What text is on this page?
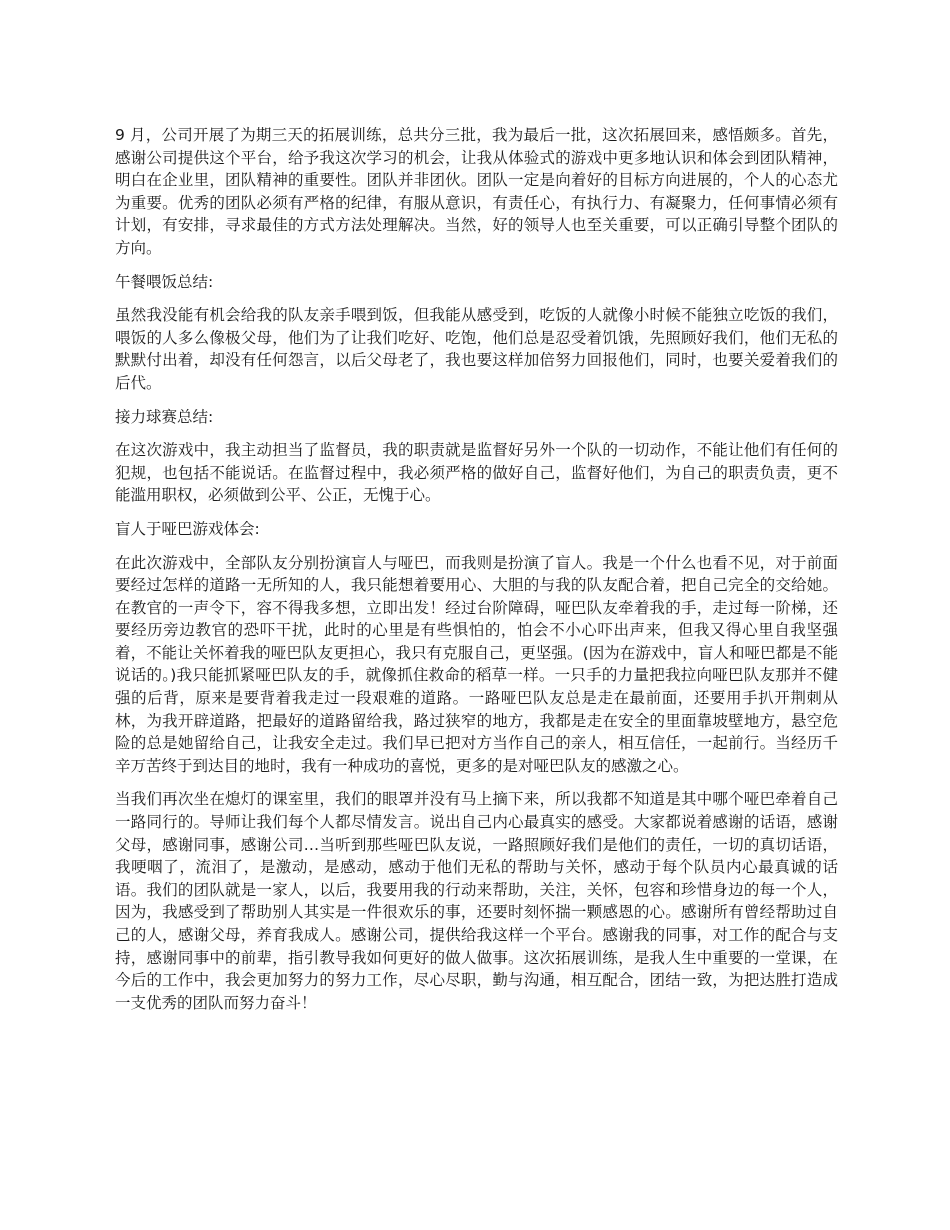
9 月，公司开展了为期三天的拓展训练，总共分三批，我为最后一批，这次拓展回来，感悟颇多。首先，感谢公司提供这个平台，给予我这次学习的机会，让我从体验式的游戏中更多地认识和体会到团队精神，明白在企业里，团队精神的重要性。团队并非团伙。团队一定是向着好的目标方向进展的，个人的心态尤为重要。优秀的团队必须有严格的纪律，有服从意识，有责任心，有执行力、有凝聚力，任何事情必须有计划，有安排，寻求最佳的方式方法处理解决。当然，好的领导人也至关重要，可以正确引导整个团队的方向。

午餐喂饭总结:

虽然我没能有机会给我的队友亲手喂到饭，但我能从感受到，吃饭的人就像小时候不能独立吃饭的我们，喂饭的人多么像极父母，他们为了让我们吃好、吃饱，他们总是忍受着饥饿，先照顾好我们，他们无私的默默付出着，却没有任何怨言，以后父母老了，我也要这样加倍努力回报他们，同时，也要关爱着我们的后代。

接力球赛总结:

在这次游戏中，我主动担当了监督员，我的职责就是监督好另外一个队的一切动作，不能让他们有任何的犯规，也包括不能说话。在监督过程中，我必须严格的做好自己，监督好他们，为自己的职责负责，更不能滥用职权，必须做到公平、公正，无愧于心。

盲人于哑巴游戏体会:

在此次游戏中，全部队友分别扮演盲人与哑巴，而我则是扮演了盲人。我是一个什么也看不见，对于前面要经过怎样的道路一无所知的人，我只能想着要用心、大胆的与我的队友配合着，把自己完全的交给她。在教官的一声令下，容不得我多想，立即出发！经过台阶障碍，哑巴队友牵着我的手，走过每一阶梯，还要经历旁边教官的恐吓干扰，此时的心里是有些惧怕的，怕会不小心吓出声来，但我又得心里自我坚强着，不能让关怀着我的哑巴队友更担心，我只有克服自己，更坚强。(因为在游戏中，盲人和哑巴都是不能说话的。)我只能抓紧哑巴队友的手，就像抓住救命的稻草一样。一只手的力量把我拉向哑巴队友那并不健强的后背，原来是要背着我走过一段艰难的道路。一路哑巴队友总是走在最前面，还要用手扒开荆刺从林，为我开辟道路，把最好的道路留给我，路过狭窄的地方，我都是走在安全的里面靠坡壁地方，悬空危险的总是她留给自己，让我安全走过。我们早已把对方当作自己的亲人，相互信任，一起前行。当经历千辛万苦终于到达目的地时，我有一种成功的喜悦，更多的是对哑巴队友的感激之心。

当我们再次坐在熄灯的课室里，我们的眼罩并没有马上摘下来，所以我都不知道是其中哪个哑巴牵着自己一路同行的。导师让我们每个人都尽情发言。说出自己内心最真实的感受。大家都说着感谢的话语，感谢父母，感谢同事，感谢公司…当听到那些哑巴队友说，一路照顾好我们是他们的责任，一切的真切话语，我哽咽了，流泪了，是激动，是感动，感动于他们无私的帮助与关怀，感动于每个队员内心最真诚的话语。我们的团队就是一家人，以后，我要用我的行动来帮助，关注，关怀，包容和珍惜身边的每一个人，因为，我感受到了帮助别人其实是一件很欢乐的事，还要时刻怀揣一颗感恩的心。感谢所有曾经帮助过自己的人，感谢父母，养育我成人。感谢公司，提供给我这样一个平台。感谢我的同事，对工作的配合与支持，感谢同事中的前辈，指引教导我如何更好的做人做事。这次拓展训练，是我人生中重要的一堂课，在今后的工作中，我会更加努力的努力工作，尽心尽职，勤与沟通，相互配合，团结一致，为把达胜打造成一支优秀的团队而努力奋斗！
